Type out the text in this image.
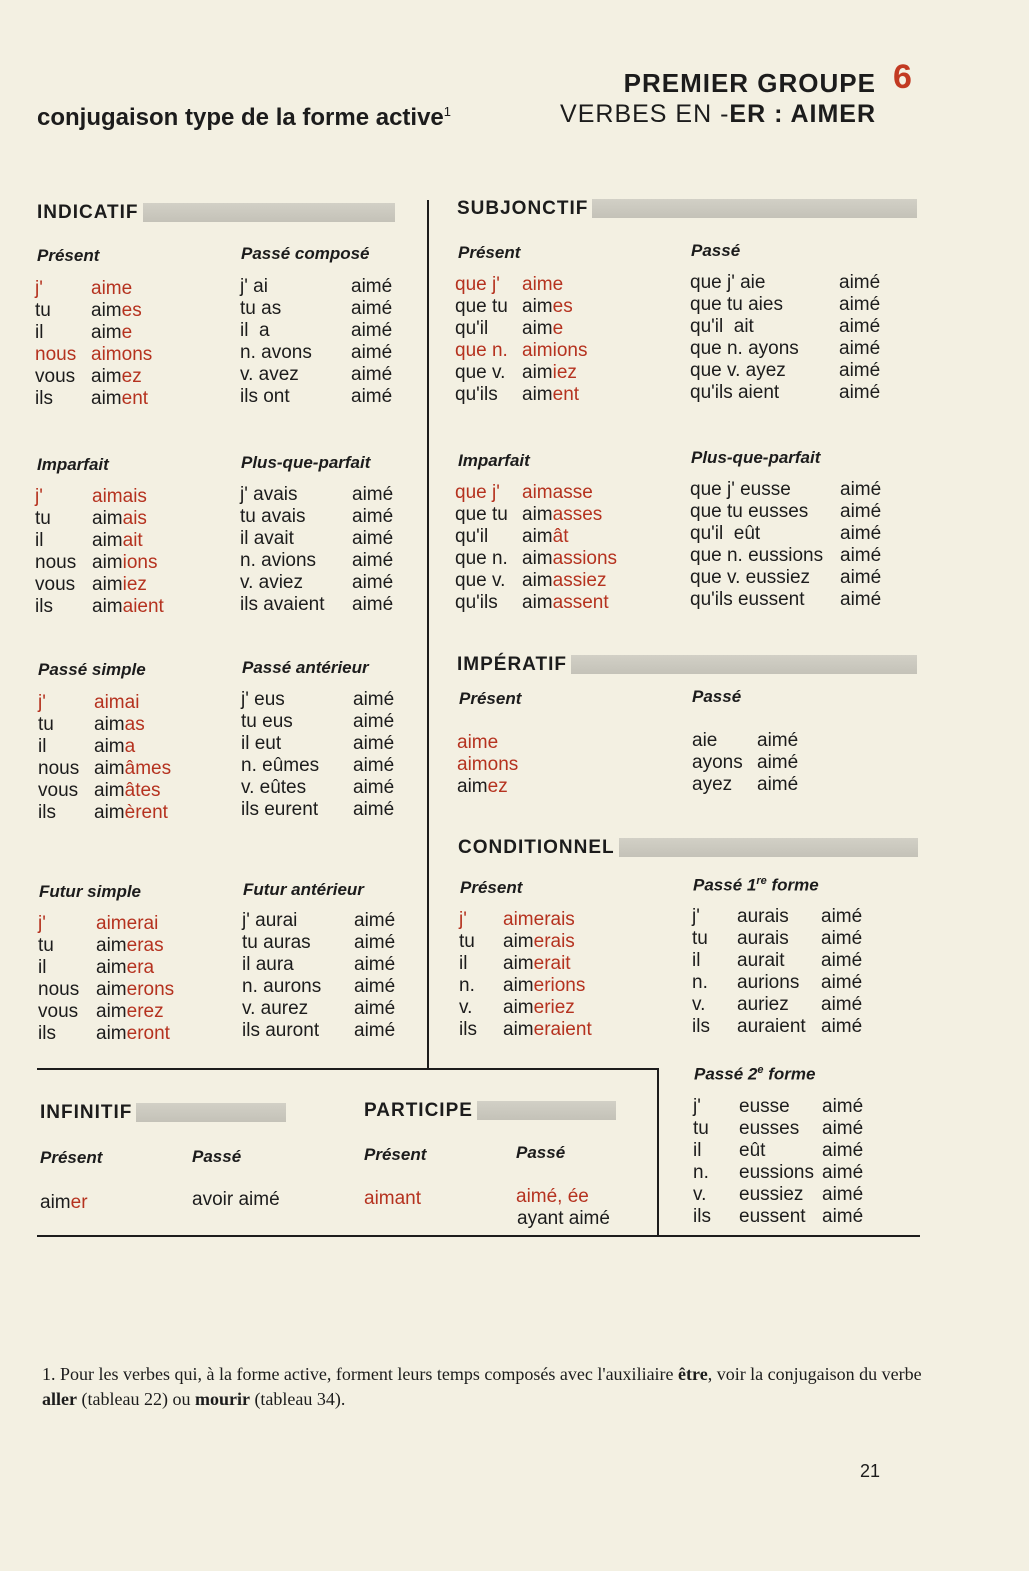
PREMIER GROUPE 6
conjugaison type de la forme active$^1$	VERBES EN -ER : AIMER
INDICATIF	SUBJONCTIF
IMPÉRATIF
CONDITIONNEL
INFINITIF	PARTICIPE
Présent	Passé composé
Imparfait	Plus-que-parfait
Passé simple	Passé antérieur
Futur simple	Futur antérieur
Présent	Passé
Imparfait	Plus-que-parfait
Présent	Passé
Présent	Passé 1re forme
Passé 2e forme
Présent	Passé	Présent	Passé
j'	aim e
tu	aim es
il	aim e
nous aim ons
vous aim ez
ils	aim ent
j' ai	aimé
tu as	aimé
il  a	aimé
n. avons	aimé
v. avez	aimé
ils ont	aimé
j'	aim ais
tu	aim ais
il	aim ait
nous aim ions
vous aim iez
ils	aim aient
j' avais	aimé
tu avais	aimé
il avait	aimé
n. avions	aimé
v. aviez	aimé
ils avaient	aimé
j'	aim ai
tu	aim as
il	aim a
nous aim âmes
vous aim âtes
ils	aim èrent
j' eus	aimé
tu eus	aimé
il eut	aimé
n. eûmes	aimé
v. eûtes	aimé
ils eurent	aimé
j'	aim erai
tu	aim eras
il	aim era
nous aim erons
vous aim erez
ils	aim eront
j' aurai	aimé
tu auras	aimé
il aura	aimé
n. aurons	aimé
v. aurez	aimé
ils auront	aimé
que j'	aim e
que tu aim es
qu'il	aim e
que n. aim ions
que v. aim iez
qu'ils	aim ent
que j' aie	aimé
que tu aies	aimé
qu'il  ait	aimé
que n. ayons	aimé
que v. ayez	aimé
qu'ils aient	aimé
que j'	aim asse
que tu aim asses
qu'il	aim ât
que n. aim assions
que v. aim assiez
qu'ils	aim assent
que j' eusse	aimé
que tu eusses	aimé
qu'il  eût	aimé
que n. eussions aimé
que v. eussiez	aimé
qu'ils eussent	aimé
aim e
aim ons
aim ez
aie	aimé
ayons aimé
ayez	aimé
j'	aim erais
tu	aim erais
il	aim erait
n.	aim erions
v.	aim eriez
ils	aim eraient
j'	aurais	aimé
tu	aurais	aimé
il	aurait	aimé
n.	aurions	aimé
v.	auriez	aimé
ils	auraient aimé
j'	eusse	aimé
tu	eusses	aimé
il	eût	aimé
n.	eussions aimé
v.	eussiez aimé
ils	eussent aimé
aimer	avoir aimé	aimant	aimé, ée
ayant aimé
1. Pour les verbes qui, à la forme active, forment leurs temps composés avec l'auxiliaire être, voir la conjugaison du verbe aller (tableau 22) ou mourir (tableau 34).
21
